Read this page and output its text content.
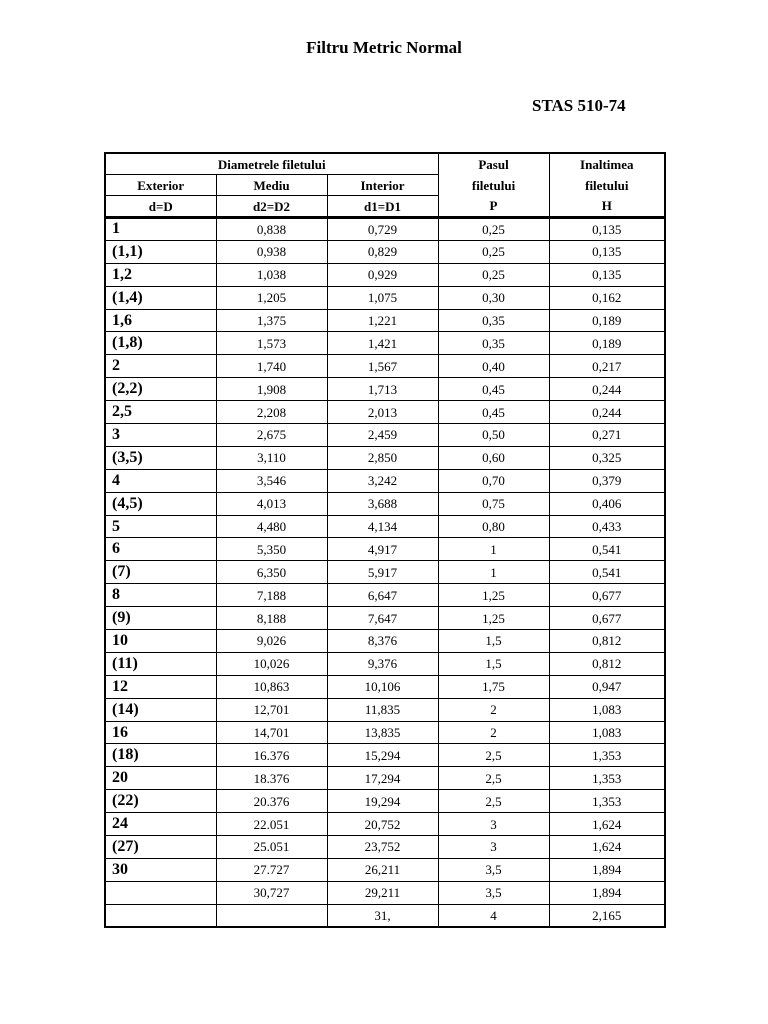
Filtru Metric Normal
STAS 510-74
Diametrele filetului			Pasul	Inaltimea
Exterior	Mediu	Interior	filetului	filetului
d=D	d2=D2	d1=D1	P	H
1	0,838	0,729	0,25	0,135
(1,1)	0,938	0,829	0,25	0,135
1,2	1,038	0,929	0,25	0,135
(1,4)	1,205	1,075	0,30	0,162
1,6	1,375	1,221	0,35	0,189
(1,8)	1,573	1,421	0,35	0,189
2	1,740	1,567	0,40	0,217
(2,2)	1,908	1,713	0,45	0,244
2,5	2,208	2,013	0,45	0,244
3	2,675	2,459	0,50	0,271
(3,5)	3,110	2,850	0,60	0,325
4	3,546	3,242	0,70	0,379
(4,5)	4,013	3,688	0,75	0,406
5	4,480	4,134	0,80	0,433
6	5,350	4,917	1	0,541
(7)	6,350	5,917	1	0,541
8	7,188	6,647	1,25	0,677
(9)	8,188	7,647	1,25	0,677
10	9,026	8,376	1,5	0,812
(11)	10,026	9,376	1,5	0,812
12	10,863	10,106	1,75	0,947
(14)	12,701	11,835	2	1,083
16	14,701	13,835	2	1,083
(18)	16.376	15,294	2,5	1,353
20	18.376	17,294	2,5	1,353
(22)	20.376	19,294	2,5	1,353
24	22.051	20,752	3	1,624
(27)	25.051	23,752	3	1,624
30	27.727	26,211	3,5	1,894
	30,727	29,211	3,5	1,894
		31,	4	2,165
